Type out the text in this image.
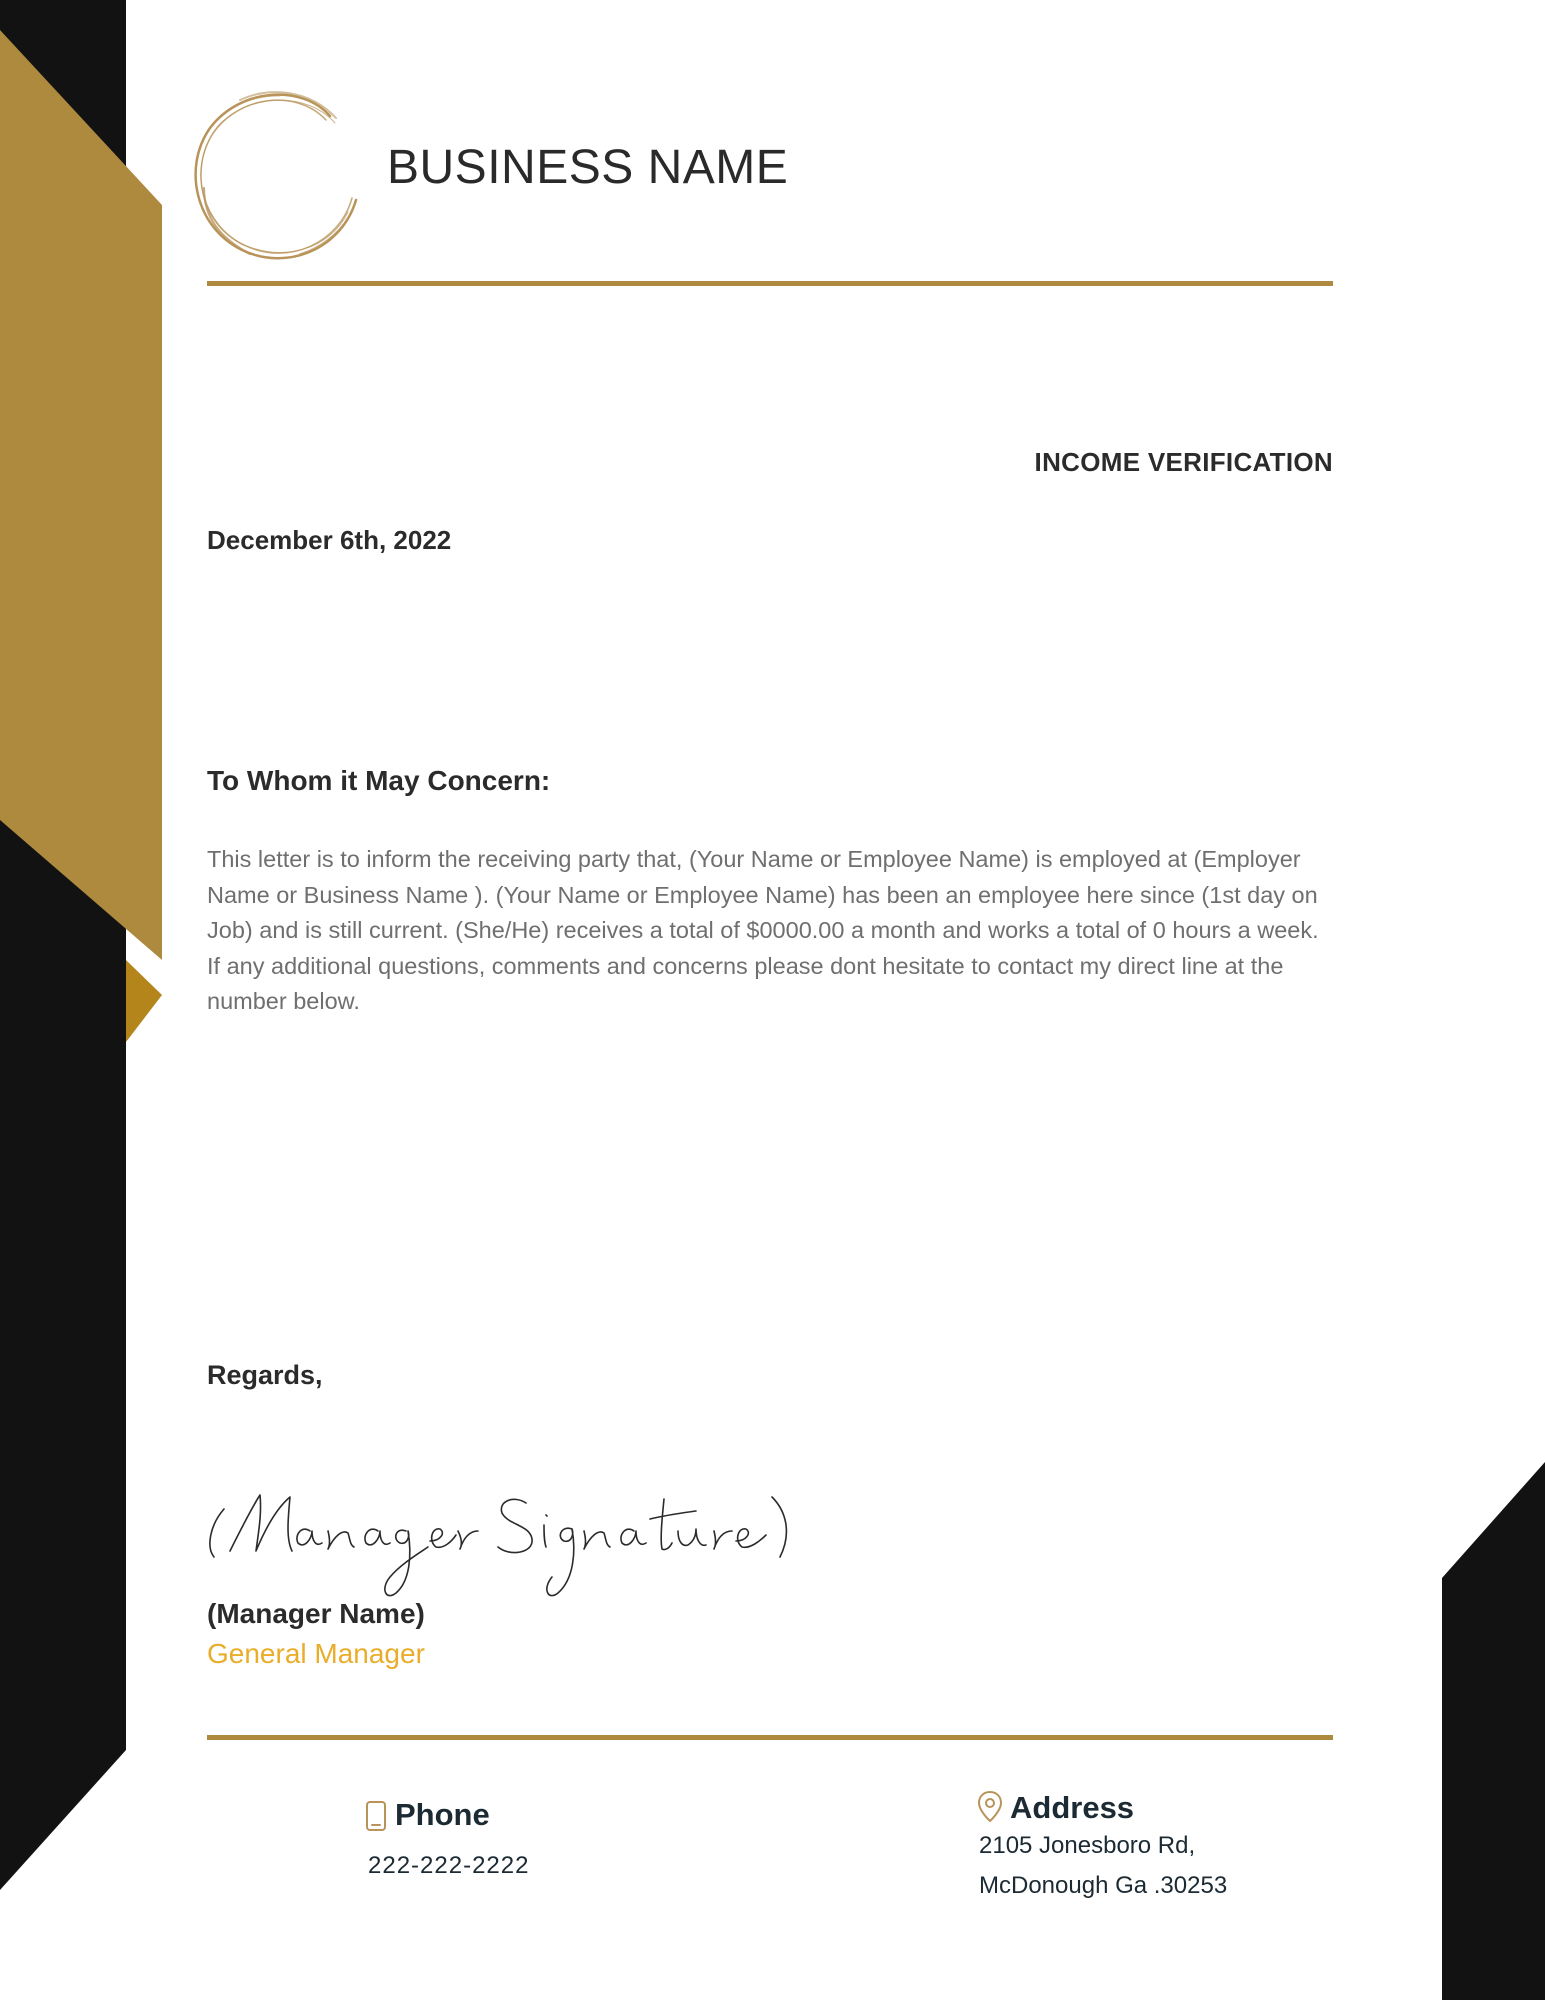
BUSINESS NAME
INCOME VERIFICATION
December 6th, 2022
To Whom it May Concern:

This letter is to inform the receiving party that, (Your Name or Employee Name) is employed at (Employer Name or Business Name ). (Your Name or Employee Name) has been an employee here since (1st day on Job) and is still current. (She/He) receives a total of $0000.00 a month and works a total of 0 hours a week. If any additional questions, comments and concerns please dont hesitate to contact my direct line at the number below.

Regards,
(Manager Name)
General Manager
Phone
222-222-2222
Address
2105 Jonesboro Rd,
McDonough Ga .30253
